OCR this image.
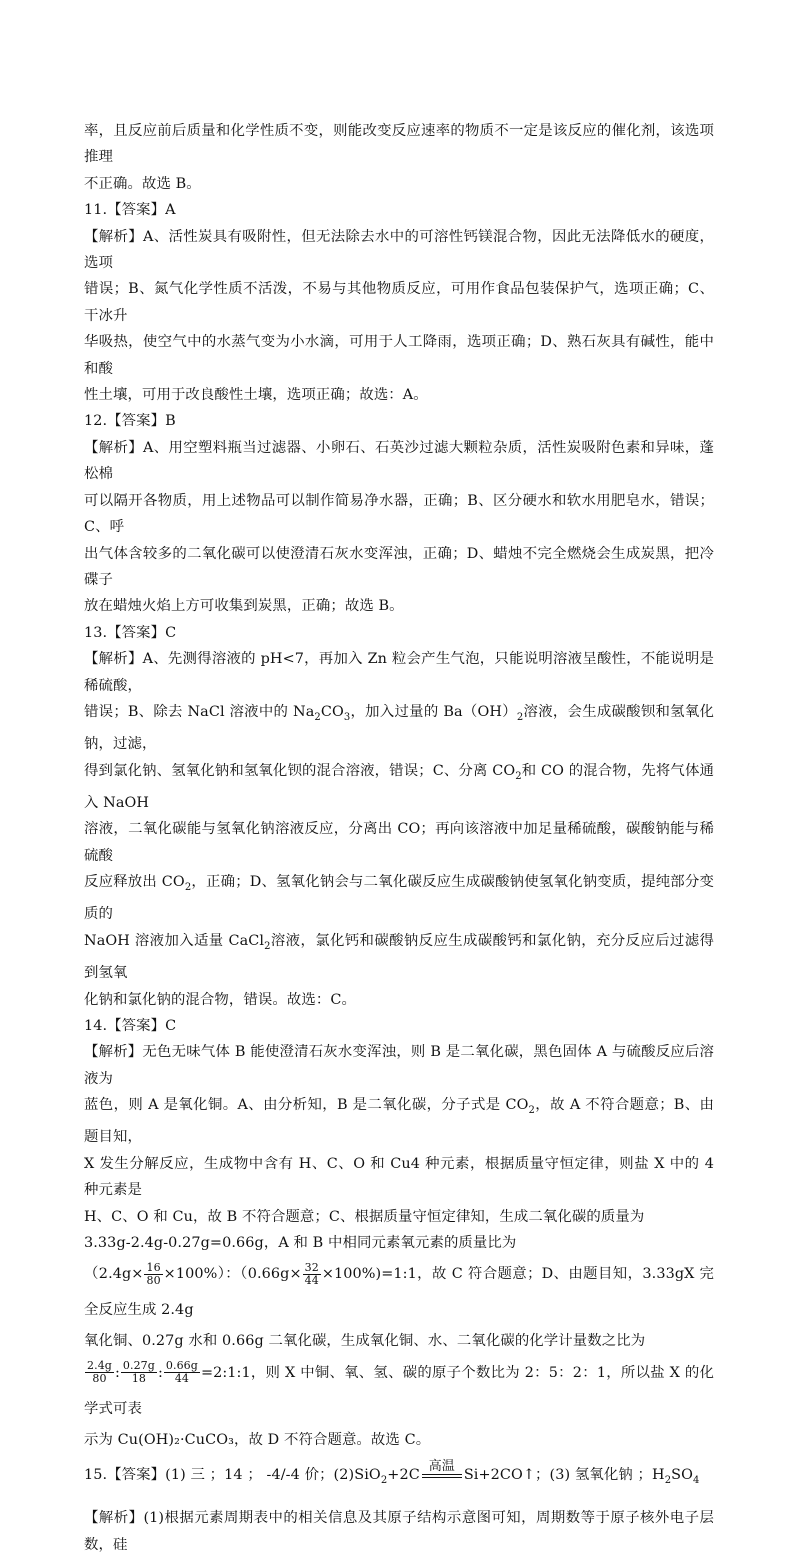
率，且反应前后质量和化学性质不变，则能改变反应速率的物质不一定是该反应的催化剂，该选项推理

不正确。故选 B。

11.【答案】A

【解析】A、活性炭具有吸附性，但无法除去水中的可溶性钙镁混合物，因此无法降低水的硬度，选项

错误；B、氮气化学性质不活泼，不易与其他物质反应，可用作食品包装保护气，选项正确；C、干冰升

华吸热，使空气中的水蒸气变为小水滴，可用于人工降雨，选项正确；D、熟石灰具有碱性，能中和酸

性土壤，可用于改良酸性土壤，选项正确；故选：A。

12.【答案】B

【解析】A、用空塑料瓶当过滤器、小卵石、石英沙过滤大颗粒杂质，活性炭吸附色素和异味，蓬松棉

可以隔开各物质，用上述物品可以制作简易净水器，正确；B、区分硬水和软水用肥皂水，错误；C、呼

出气体含较多的二氧化碳可以使澄清石灰水变浑浊，正确；D、蜡烛不完全燃烧会生成炭黑，把冷碟子

放在蜡烛火焰上方可收集到炭黑，正确；故选 B。

13.【答案】C

【解析】A、先测得溶液的 pH<7，再加入 Zn 粒会产生气泡，只能说明溶液呈酸性，不能说明是稀硫酸，

错误；B、除去 NaCl 溶液中的 $Na_2CO_3$，加入过量的 $Ba(OH)_2$溶液，会生成碳酸钡和氢氧化钠，过滤，

得到氯化钠、氢氧化钠和氢氧化钡的混合溶液，错误；C、分离 $CO_2$和 CO 的混合物，先将气体通入 NaOH

溶液，二氧化碳能与氢氧化钠溶液反应，分离出 CO；再向该溶液中加足量稀硫酸，碳酸钠能与稀硫酸

反应释放出 $CO_2$，正确；D、氢氧化钠会与二氧化碳反应生成碳酸钠使氢氧化钠变质，提纯部分变质的

NaOH 溶液加入适量 CaCl$_2$溶液，氯化钙和碳酸钠反应生成碳酸钙和氯化钠，充分反应后过滤得到氢氧

化钠和氯化钠的混合物，错误。故选：C。

14.【答案】C

【解析】无色无味气体 B 能使澄清石灰水变浑浊，则 B 是二氧化碳，黑色固体 A 与硫酸反应后溶液为

蓝色，则 A 是氧化铜。A、由分析知，B 是二氧化碳，分子式是 $CO_2$，故 A 不符合题意；B、由题目知，

X 发生分解反应，生成物中含有 H、C、O 和 Cu4 种元素，根据质量守恒定律，则盐 X 中的 4 种元素是

H、C、O 和 Cu，故 B 不符合题意；C、根据质量守恒定律知，生成二氧化碳的质量为

3.33g-2.4g-0.27g=0.66g，A 和 B 中相同元素氧元素的质量比为

$(2.4g\times \frac{16}{80} \times 100\%)$：（$0.66g\times \frac{32}{44}$ ×100%)=1:1，故 C 符合题意；D、由题目知，3.33gX 完全反应生成 2.4g

氧化铜、0.27g 水和 0.66g 二氧化碳，生成氧化铜、水、二氧化碳的化学计量数之比为

$\frac{2.4g}{80}$ : $\frac{0.27g}{18}$ : $\frac{0.66g}{44}$ =2:1:1，则 X 中铜、氧、氢、碳的原子个数比为 2：5：2：1，所以盐 X 的化学式可表

示为 Cu(OH)₂·CuCO₃，故 D 不符合题意。故选 C。

15.【答案】(1) 三 ；14 ； -4/-4 价；(2)SiO$_2$+2C
高温
Si+2CO↑；(3) 氢氧化钠 ；$H_2SO_4$

【解析】(1)根据元素周期表中的相关信息及其原子结构示意图可知，周期数等于原子核外电子层数，硅
